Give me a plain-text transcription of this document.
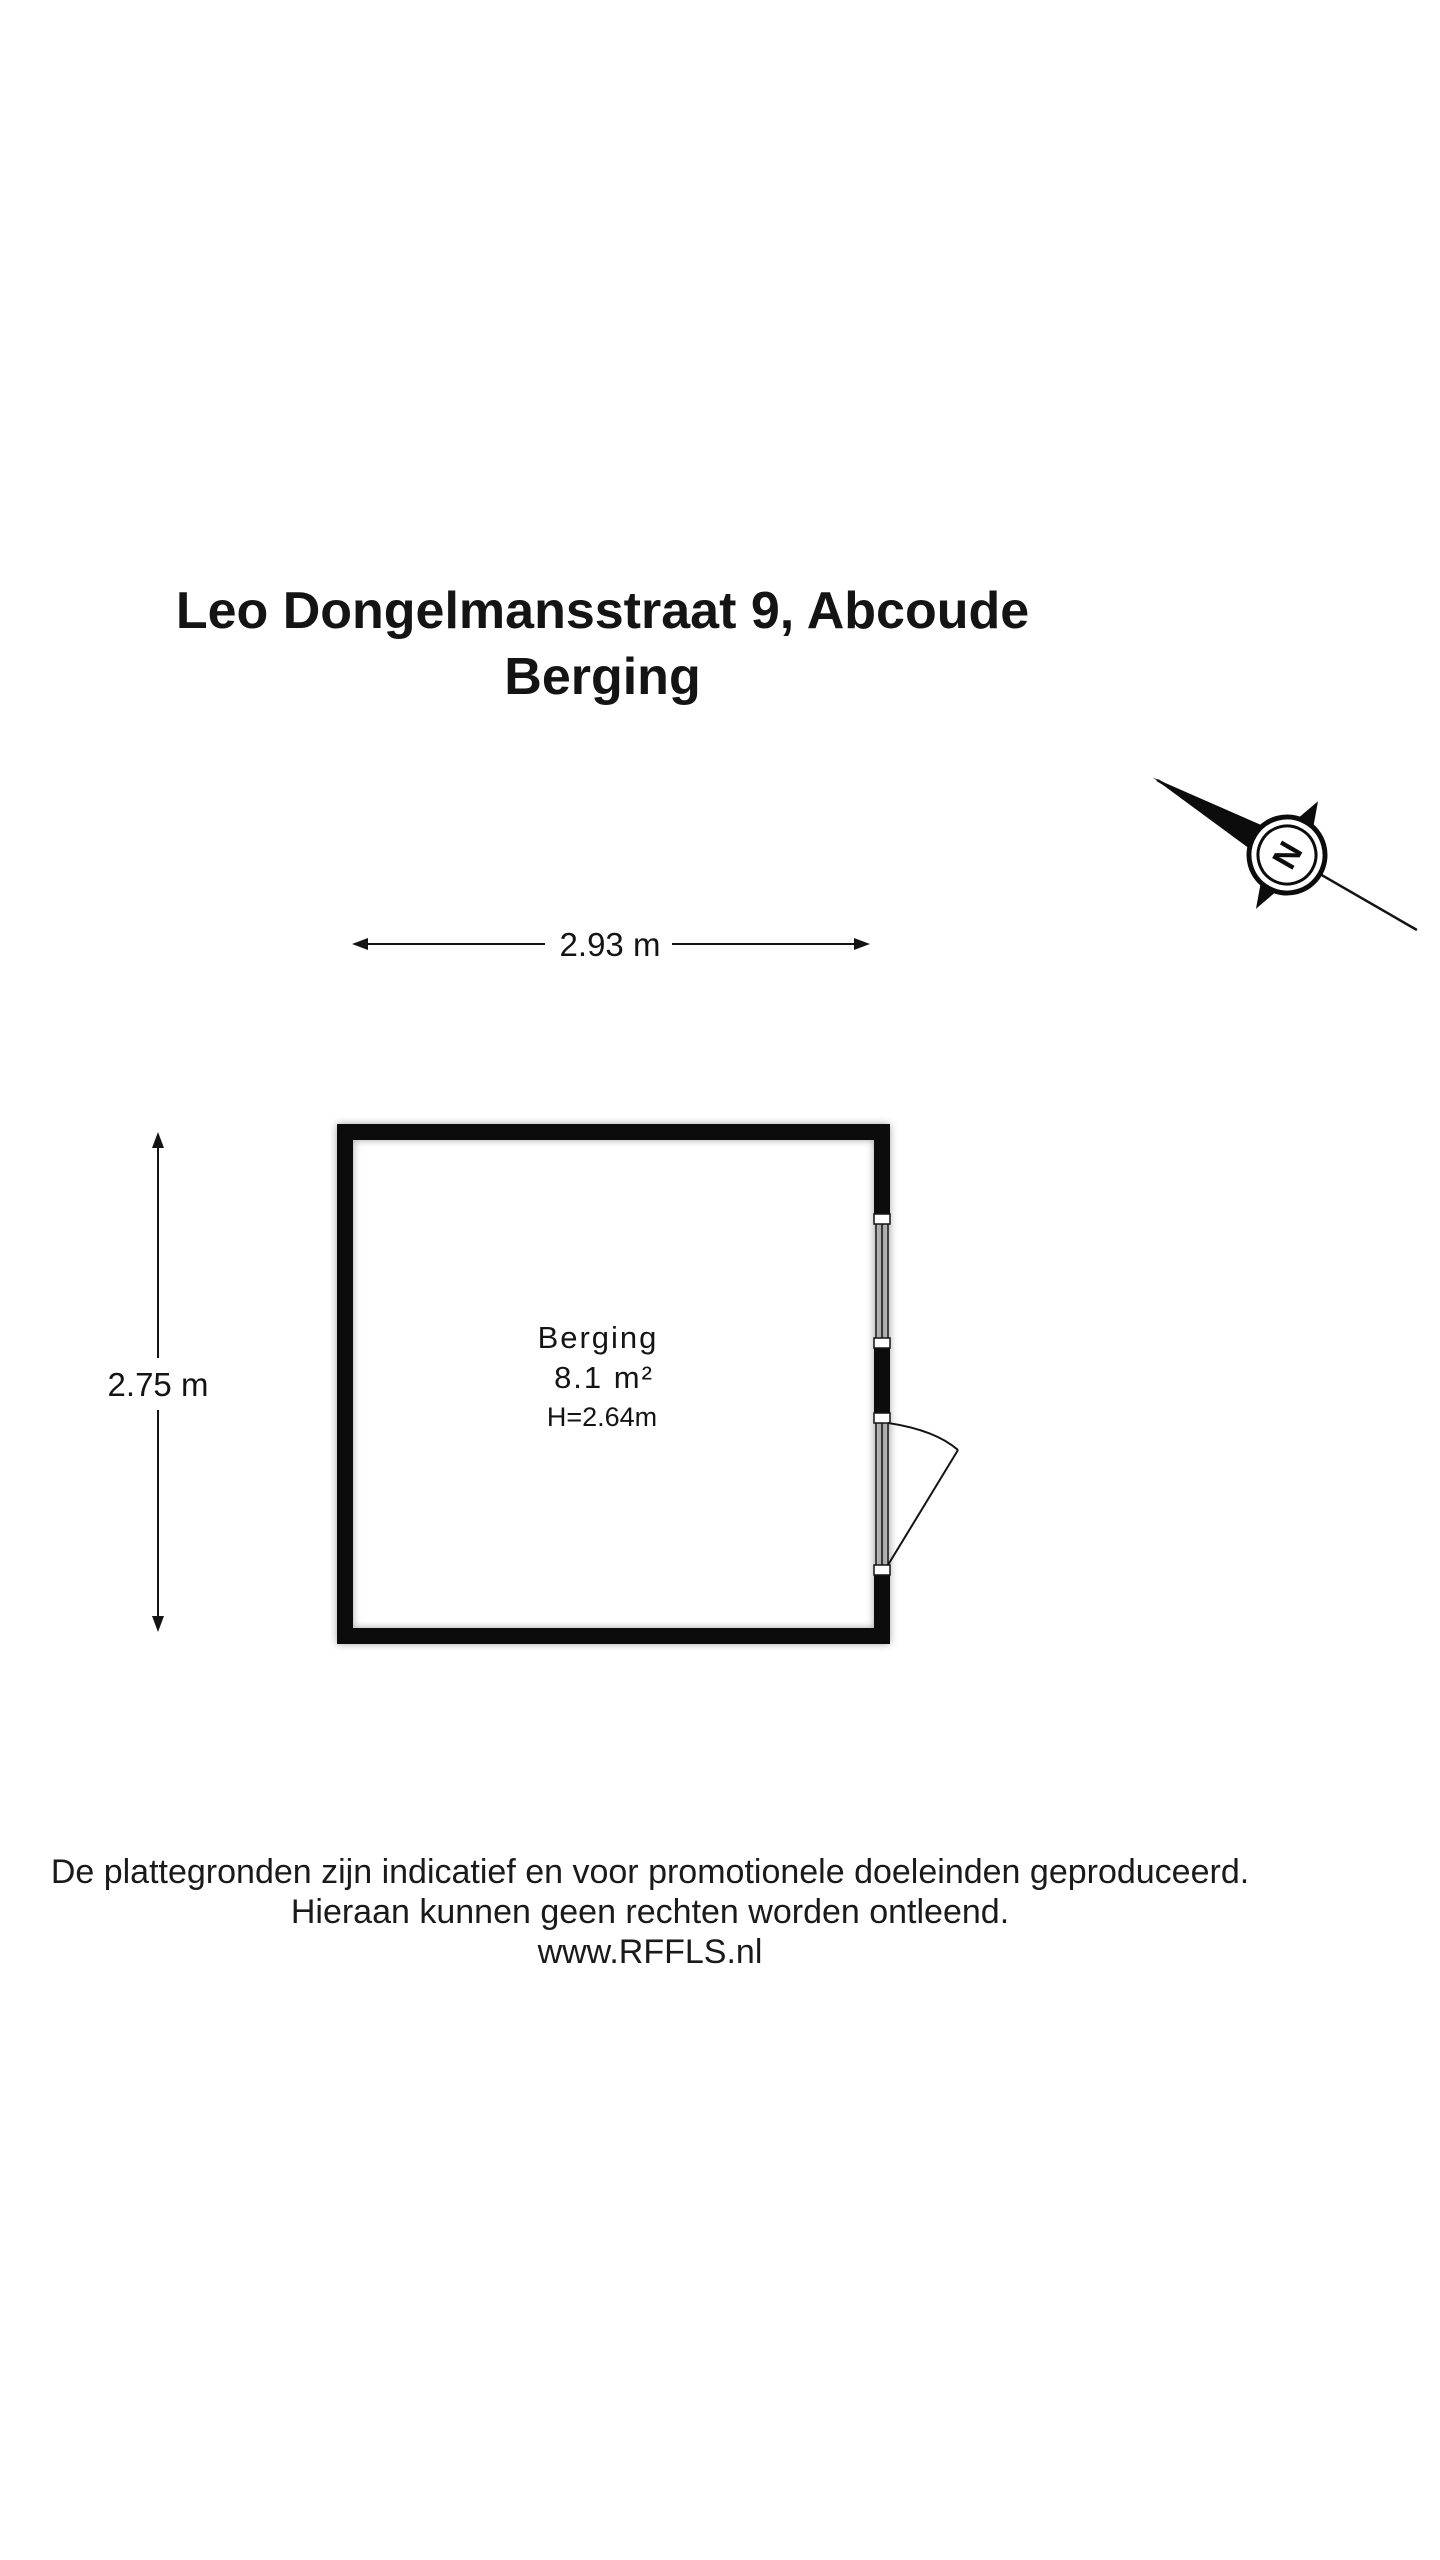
Leo Dongelmansstraat 9, Abcoude
Berging
2.93 m
2.75 m
Berging
8.1 m²
H=2.64m
N
De plattegronden zijn indicatief en voor promotionele doeleinden geproduceerd.
Hieraan kunnen geen rechten worden ontleend.
www.RFFLS.nl
